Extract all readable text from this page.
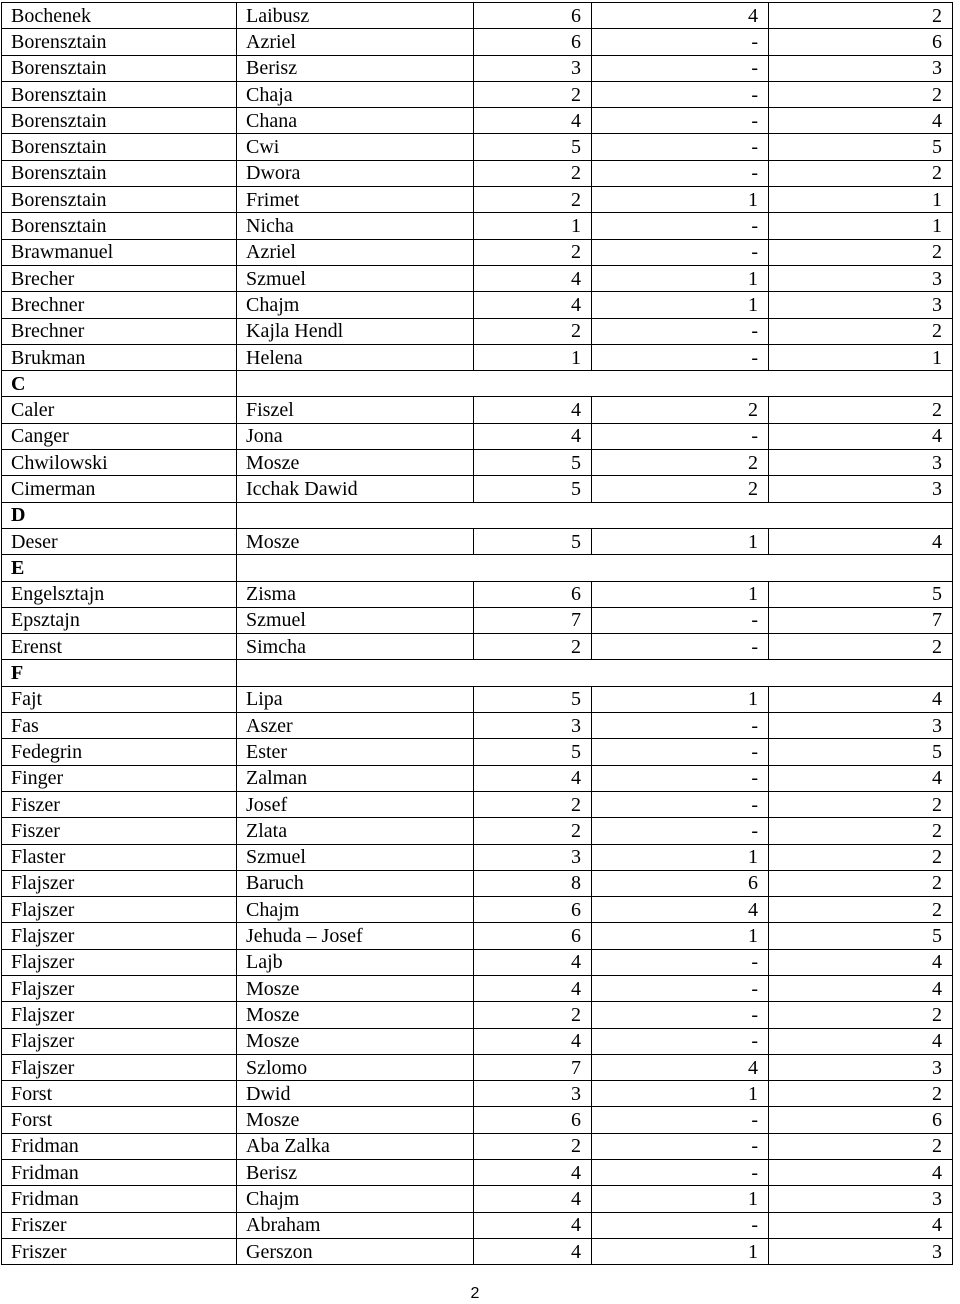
Bochenek	Laibusz	6	4	2
Borensztain	Azriel	6	-	6
Borensztain	Berisz	3	-	3
Borensztain	Chaja	2	-	2
Borensztain	Chana	4	-	4
Borensztain	Cwi	5	-	5
Borensztain	Dwora	2	-	2
Borensztain	Frimet	2	1	1
Borensztain	Nicha	1	-	1
Brawmanuel	Azriel	2	-	2
Brecher	Szmuel	4	1	3
Brechner	Chajm	4	1	3
Brechner	Kajla Hendl	2	-	2
Brukman	Helena	1	-	1
C				
Caler	Fiszel	4	2	2
Canger	Jona	4	-	4
Chwilowski	Mosze	5	2	3
Cimerman	Icchak Dawid	5	2	3
D				
Deser	Mosze	5	1	4
E				
Engelsztajn	Zisma	6	1	5
Epsztajn	Szmuel	7	-	7
Erenst	Simcha	2	-	2
F				
Fajt	Lipa	5	1	4
Fas	Aszer	3	-	3
Fedegrin	Ester	5	-	5
Finger	Zalman	4	-	4
Fiszer	Josef	2	-	2
Fiszer	Zlata	2	-	2
Flaster	Szmuel	3	1	2
Flajszer	Baruch	8	6	2
Flajszer	Chajm	6	4	2
Flajszer	Jehuda – Josef	6	1	5
Flajszer	Lajb	4	-	4
Flajszer	Mosze	4	-	4
Flajszer	Mosze	2	-	2
Flajszer	Mosze	4	-	4
Flajszer	Szlomo	7	4	3
Forst	Dwid	3	1	2
Forst	Mosze	6	-	6
Fridman	Aba Zalka	2	-	2
Fridman	Berisz	4	-	4
Fridman	Chajm	4	1	3
Friszer	Abraham	4	-	4
Friszer	Gerszon	4	1	3
2
